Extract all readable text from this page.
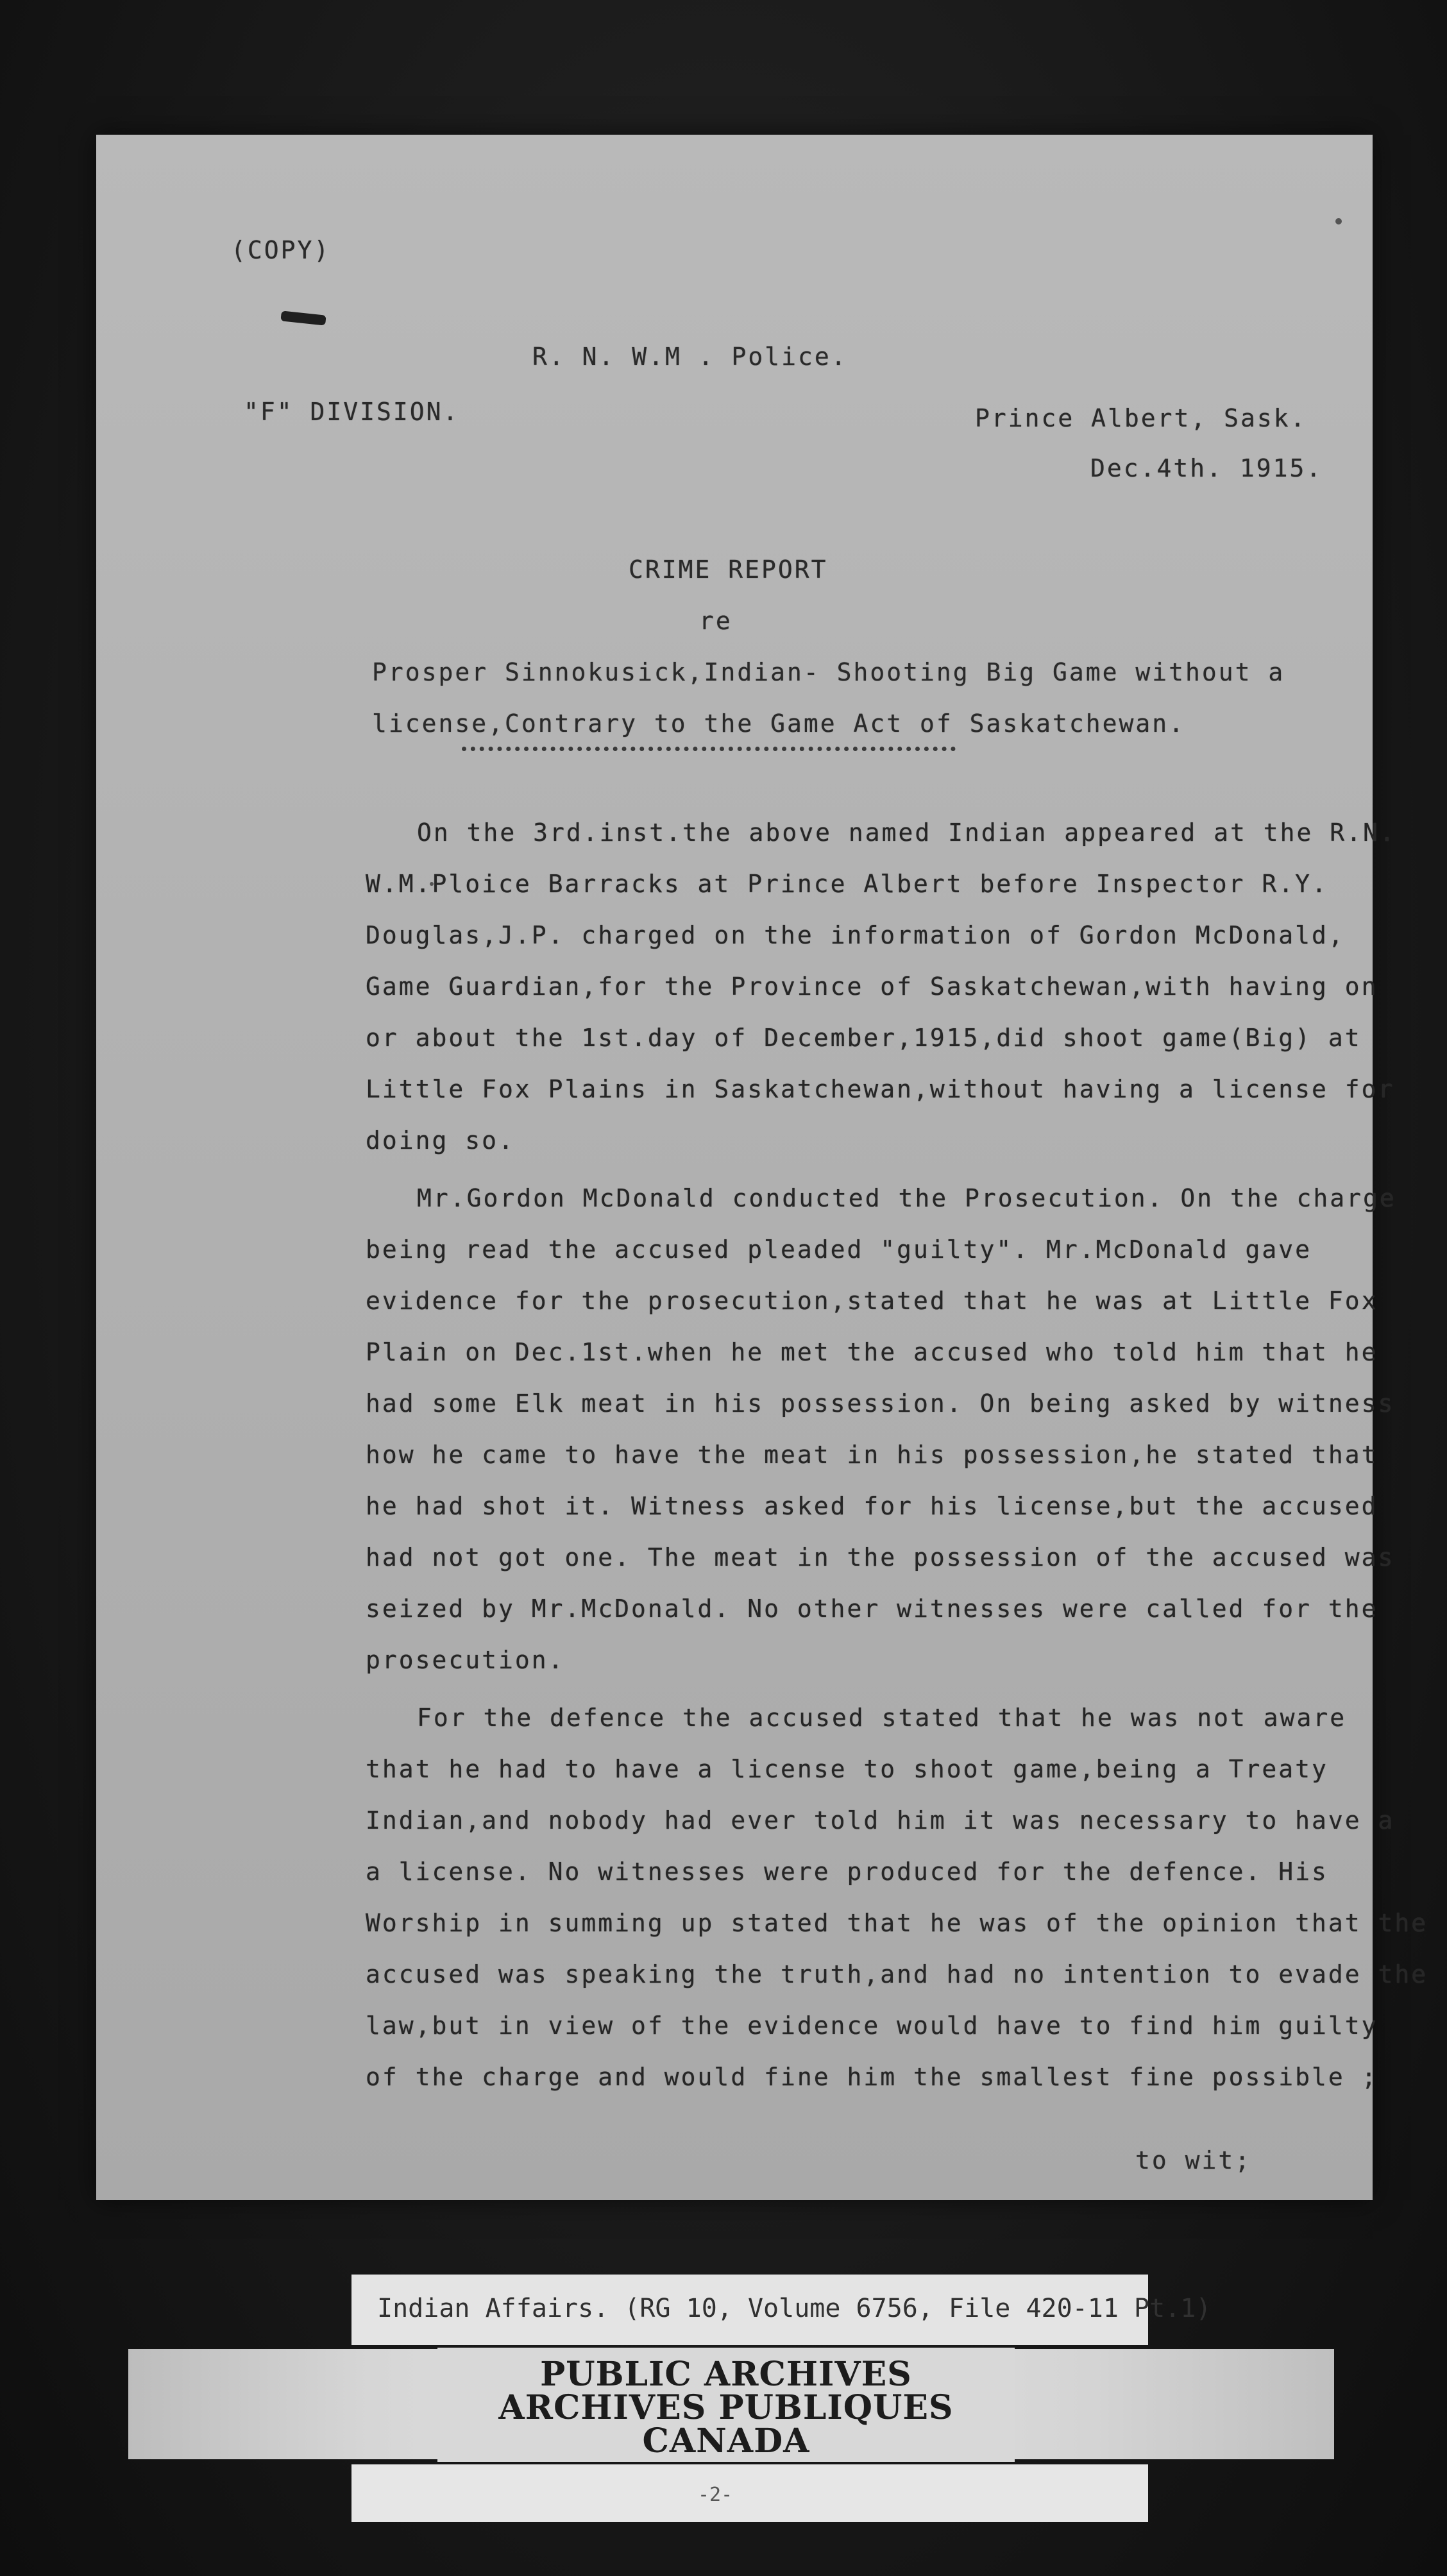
(COPY)
R. N. W.M . Police.
"F" DIVISION.	Prince Albert, Sask.
Dec.4th. 1915.
CRIME REPORT
re
Prosper Sinnokusick,Indian- Shooting Big Game without a
license,Contrary to the Game Act of Saskatchewan.
On the 3rd.inst.the above named Indian appeared at the R.N.
W.M.Ploice Barracks at Prince Albert before Inspector R.Y.
Douglas,J.P. charged on the information of Gordon McDonald,
Game Guardian,for the Province of Saskatchewan,with having on
or about the 1st.day of December,1915,did shoot game(Big) at
Little Fox Plains in Saskatchewan,without having a license for
doing so.
Mr.Gordon McDonald conducted the Prosecution. On the charge
being read the accused pleaded "guilty". Mr.McDonald gave
evidence for the prosecution,stated that he was at Little Fox
Plain on Dec.1st.when he met the accused who told him that he
had some Elk meat in his possession. On being asked by witness
how he came to have the meat in his possession,he stated that
he had shot it. Witness asked for his license,but the accused
had not got one. The meat in the possession of the accused was
seized by Mr.McDonald. No other witnesses were called for the
prosecution.
For the defence the accused stated that he was not aware
that he had to have a license to shoot game,being a Treaty
Indian,and nobody had ever told him it was necessary to have a
a license. No witnesses were produced for the defence. His
Worship in summing up stated that he was of the opinion that the
accused was speaking the truth,and had no intention to evade the
law,but in view of the evidence would have to find him guilty
of the charge and would fine him the smallest fine possible ;
to wit;
Indian Affairs. (RG 10, Volume 6756, File 420-11 Pt.1)
PUBLIC ARCHIVES
ARCHIVES PUBLIQUES
CANADA
-2-
